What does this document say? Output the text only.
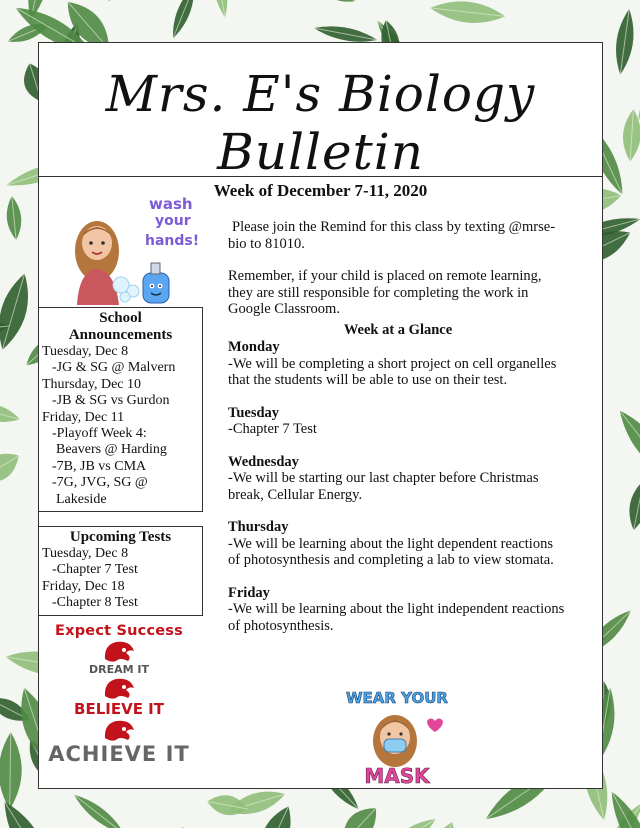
Mrs. E's Biology Bulletin
Week of December 7-11, 2020
wash
your
hands!

Please join the Remind for this class by texting @mrse-bio to 81010.

Remember, if your child is placed on remote learning, they are still responsible for completing the work in Google Classroom.

Week at a Glance
Monday
-We will be completing a short project on cell organelles that the students will be able to use on their test.
Tuesday
-Chapter 7 Test
Wednesday
-We will be starting our last chapter before Christmas break, Cellular Energy.
Thursday
-We will be learning about the light dependent reactions of photosynthesis and completing a lab to view stomata.
Friday
-We will be learning about the light independent reactions of photosynthesis.
School
Announcements
Tuesday, Dec 8
-JG & SG @ Malvern
Thursday, Dec 10
-JB & SG vs Gurdon
Friday, Dec 11
-Playoff Week 4:
Beavers @ Harding
-7B, JB vs CMA
-7G, JVG, SG @
Lakeside
Upcoming Tests
Tuesday, Dec 8
-Chapter 7 Test
Friday, Dec 18
-Chapter 8 Test
Expect Success
DREAM IT
BELIEVE IT
ACHIEVE IT
WEAR YOUR
MASK
